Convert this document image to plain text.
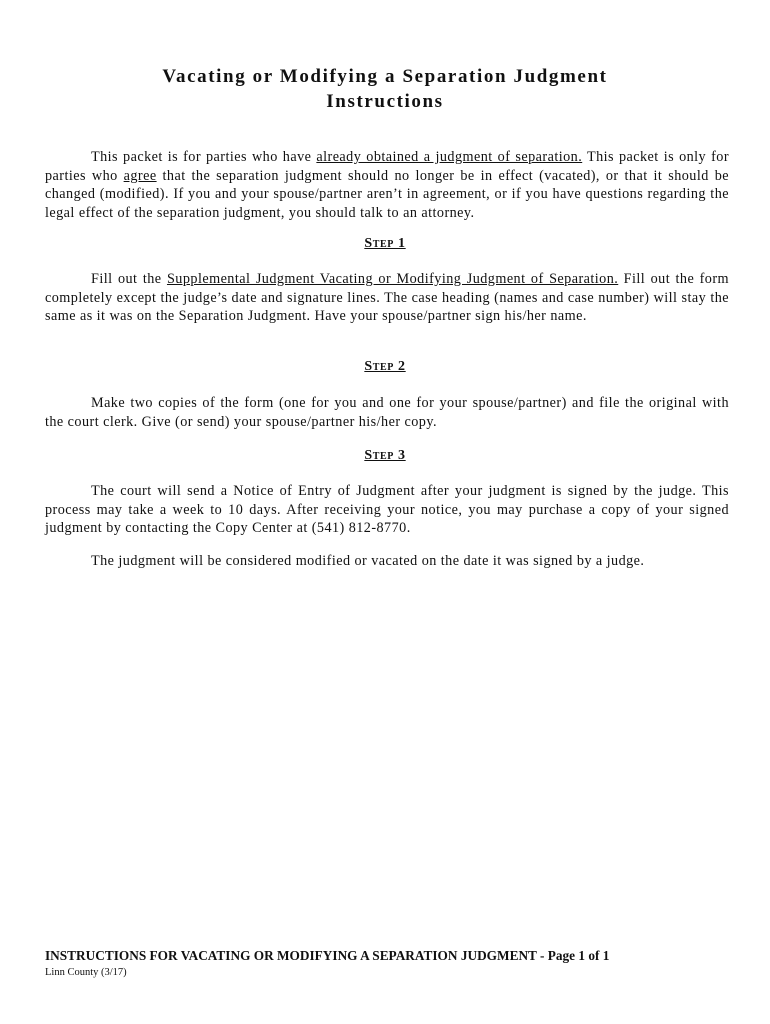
Vacating or Modifying a Separation Judgment
Instructions

This packet is for parties who have already obtained a judgment of separation. This packet is only for parties who agree that the separation judgment should no longer be in effect (vacated), or that it should be changed (modified). If you and your spouse/partner aren’t in agreement, or if you have questions regarding the legal effect of the separation judgment, you should talk to an attorney.

Step 1

Fill out the Supplemental Judgment Vacating or Modifying Judgment of Separation. Fill out the form completely except the judge’s date and signature lines. The case heading (names and case number) will stay the same as it was on the Separation Judgment. Have your spouse/partner sign his/her name.

Step 2

Make two copies of the form (one for you and one for your spouse/partner) and file the original with the court clerk. Give (or send) your spouse/partner his/her copy.

Step 3

The court will send a Notice of Entry of Judgment after your judgment is signed by the judge. This process may take a week to 10 days. After receiving your notice, you may purchase a copy of your signed judgment by contacting the Copy Center at (541) 812-8770.

The judgment will be considered modified or vacated on the date it was signed by a judge.

INSTRUCTIONS FOR VACATING OR MODIFYING A SEPARATION JUDGMENT - Page 1 of 1
Linn County (3/17)
